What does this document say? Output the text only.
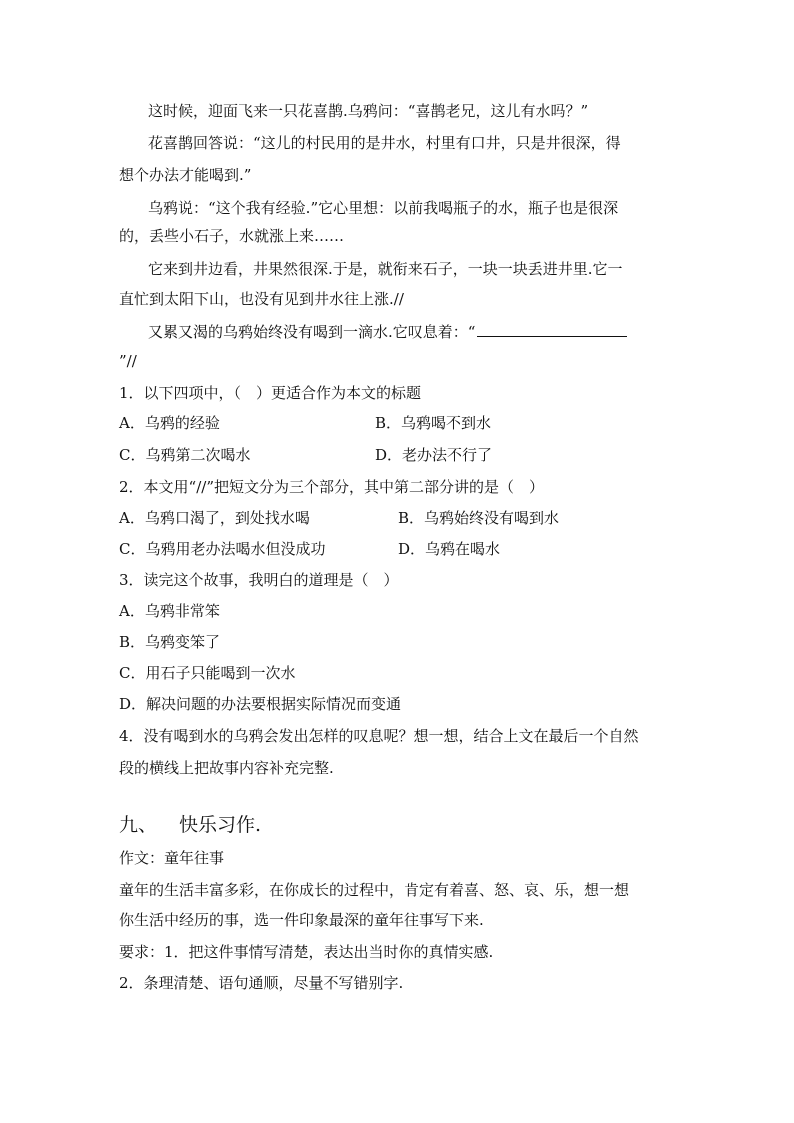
这时候，迎面飞来一只花喜鹊.乌鸦问：“喜鹊老兄，这儿有水吗？”
花喜鹊回答说：“这儿的村民用的是井水，村里有口井，只是井很深，得
想个办法才能喝到.”
乌鸦说：“这个我有经验.”它心里想：以前我喝瓶子的水，瓶子也是很深
的，丢些小石子，水就涨上来……
它来到井边看，井果然很深.于是，就衔来石子，一块一块丢进井里.它一
直忙到太阳下山，也没有见到井水往上涨.//
又累又渴的乌鸦始终没有喝到一滴水.它叹息着：“
”//
1．以下四项中，（　）更适合作为本文的标题
A．乌鸦的经验	B．乌鸦喝不到水
C．乌鸦第二次喝水	D．老办法不行了
2．本文用“//”把短文分为三个部分，其中第二部分讲的是（　）
A．乌鸦口渴了，到处找水喝	B．乌鸦始终没有喝到水
C．乌鸦用老办法喝水但没成功	D．乌鸦在喝水
3．读完这个故事，我明白的道理是（　）
A．乌鸦非常笨
B．乌鸦变笨了
C．用石子只能喝到一次水
D．解决问题的办法要根据实际情况而变通
4．没有喝到水的乌鸦会发出怎样的叹息呢？想一想，结合上文在最后一个自然
段的横线上把故事内容补充完整.
九、 快乐习作.
作文：童年往事
童年的生活丰富多彩，在你成长的过程中，肯定有着喜、怒、哀、乐，想一想
你生活中经历的事，选一件印象最深的童年往事写下来.
要求：1．把这件事情写清楚，表达出当时你的真情实感.
2．条理清楚、语句通顺，尽量不写错别字.
